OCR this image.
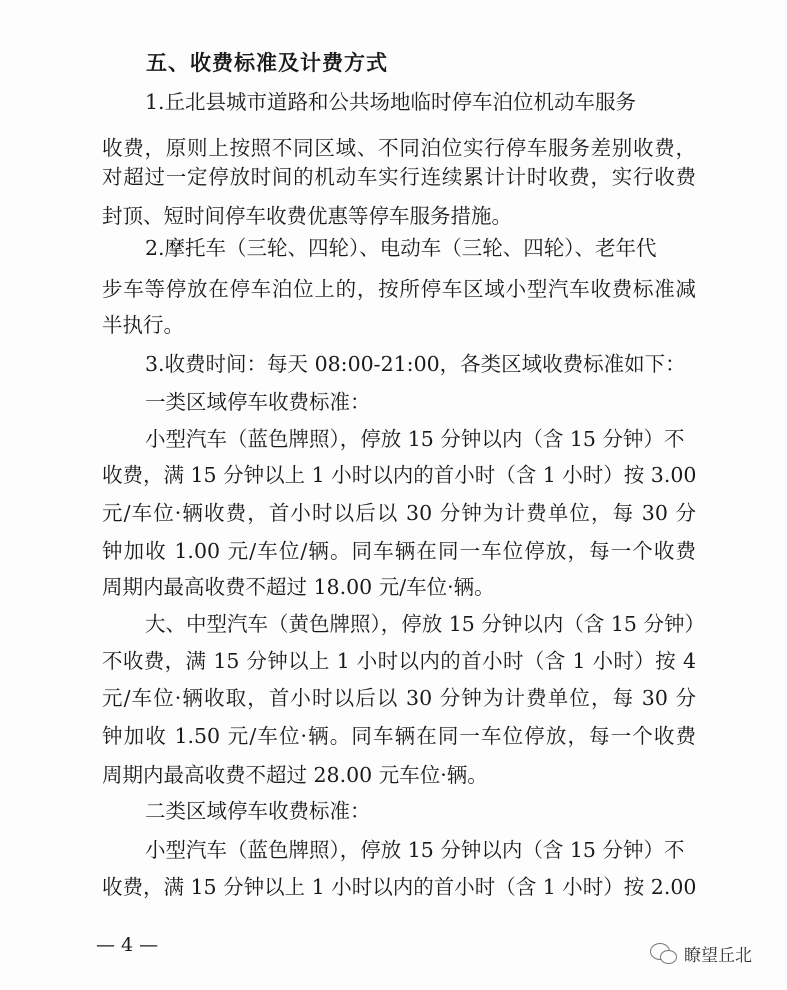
五、收费标准及计费方式
1.丘北县城市道路和公共场地临时停车泊位机动车服务
收费，原则上按照不同区域、不同泊位实行停车服务差别收费，
对超过一定停放时间的机动车实行连续累计计时收费，实行收费
封顶、短时间停车收费优惠等停车服务措施。
2.摩托车（三轮、四轮）、电动车（三轮、四轮）、老年代
步车等停放在停车泊位上的，按所停车区域小型汽车收费标准减
半执行。
3.收费时间：每天 08:00-21:00，各类区域收费标准如下：
一类区域停车收费标准：
小型汽车（蓝色牌照），停放 15 分钟以内（含 15 分钟）不
收费，满 15 分钟以上 1 小时以内的首小时（含 1 小时）按 3.00
元/车位·辆收费，首小时以后以 30 分钟为计费单位，每 30 分
钟加收 1.00 元/车位/辆。同车辆在同一车位停放，每一个收费
周期内最高收费不超过 18.00 元/车位·辆。
大、中型汽车（黄色牌照），停放 15 分钟以内（含 15 分钟）
不收费，满 15 分钟以上 1 小时以内的首小时（含 1 小时）按 4
元/车位·辆收取，首小时以后以 30 分钟为计费单位，每 30 分
钟加收 1.50 元/车位·辆。同车辆在同一车位停放，每一个收费
周期内最高收费不超过 28.00 元车位·辆。
二类区域停车收费标准：
小型汽车（蓝色牌照），停放 15 分钟以内（含 15 分钟）不
收费，满 15 分钟以上 1 小时以内的首小时（含 1 小时）按 2.00
— 4 —	瞭望丘北
